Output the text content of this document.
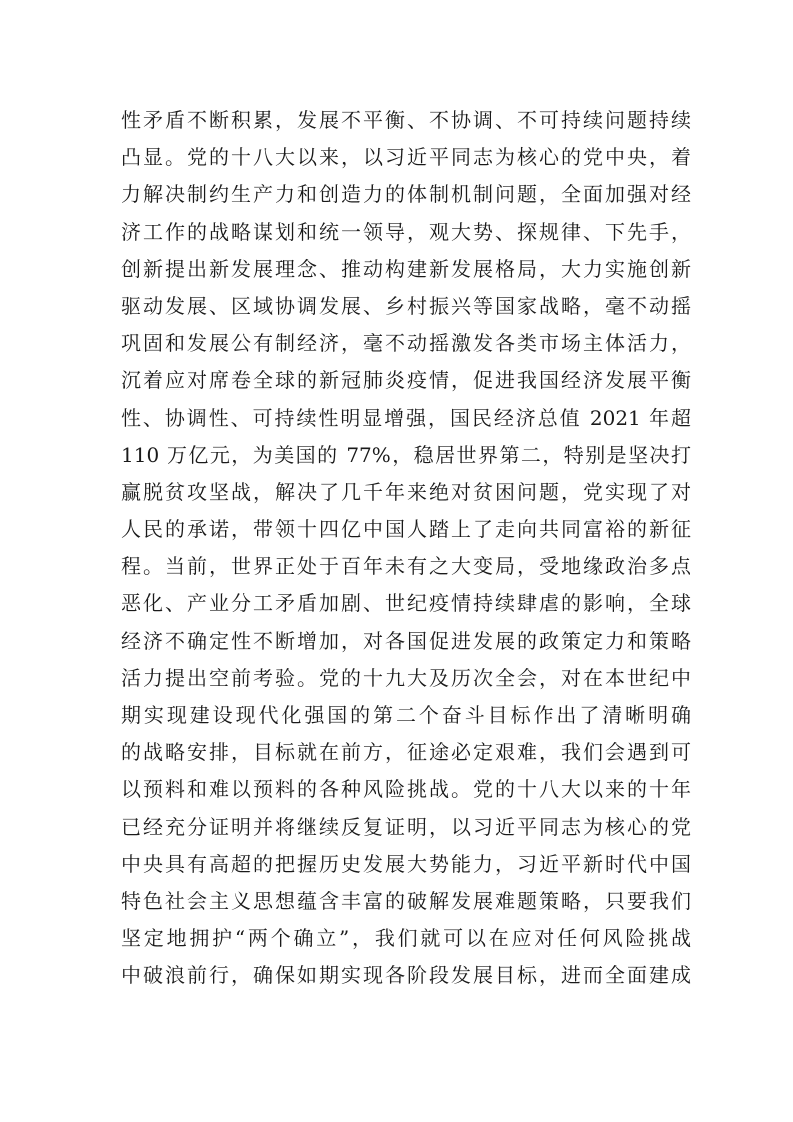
性矛盾不断积累，发展不平衡、不协调、不可持续问题持续
凸显。党的十八大以来，以习近平同志为核心的党中央，着
力解决制约生产力和创造力的体制机制问题，全面加强对经
济工作的战略谋划和统一领导，观大势、探规律、下先手，
创新提出新发展理念、推动构建新发展格局，大力实施创新
驱动发展、区域协调发展、乡村振兴等国家战略，毫不动摇
巩固和发展公有制经济，毫不动摇激发各类市场主体活力，
沉着应对席卷全球的新冠肺炎疫情，促进我国经济发展平衡
性、协调性、可持续性明显增强，国民经济总值 2021 年超
110 万亿元，为美国的 77%，稳居世界第二，特别是坚决打
赢脱贫攻坚战，解决了几千年来绝对贫困问题，党实现了对
人民的承诺，带领十四亿中国人踏上了走向共同富裕的新征
程。当前，世界正处于百年未有之大变局，受地缘政治多点
恶化、产业分工矛盾加剧、世纪疫情持续肆虐的影响，全球
经济不确定性不断增加，对各国促进发展的政策定力和策略
活力提出空前考验。党的十九大及历次全会，对在本世纪中
期实现建设现代化强国的第二个奋斗目标作出了清晰明确
的战略安排，目标就在前方，征途必定艰难，我们会遇到可
以预料和难以预料的各种风险挑战。党的十八大以来的十年
已经充分证明并将继续反复证明，以习近平同志为核心的党
中央具有高超的把握历史发展大势能力，习近平新时代中国
特色社会主义思想蕴含丰富的破解发展难题策略，只要我们
坚定地拥护“两个确立”，我们就可以在应对任何风险挑战
中破浪前行，确保如期实现各阶段发展目标，进而全面建成
